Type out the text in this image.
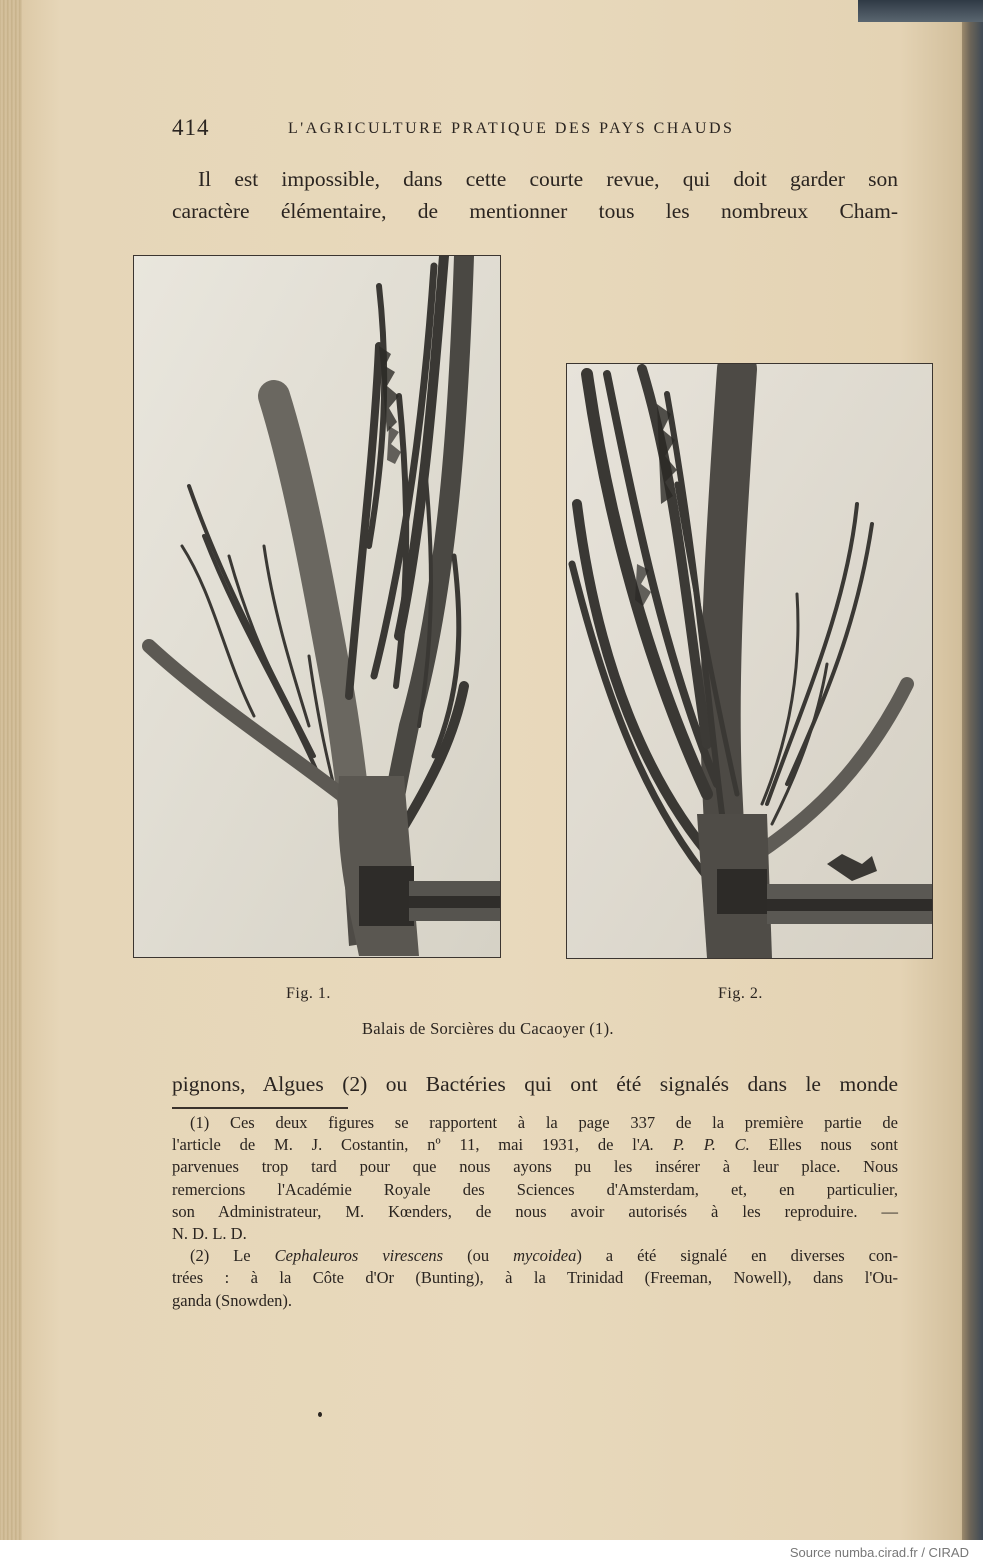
Source numba.cirad.fr / CIRAD
414	L'AGRICULTURE PRATIQUE DES PAYS CHAUDS
Il est impossible, dans cette courte revue, qui doit garder son
caractère élémentaire, de mentionner tous les nombreux Cham-
Fig. 1.	Fig. 2.
Balais de Sorcières du Cacaoyer (1).
pignons, Algues (2) ou Bactéries qui ont été signalés dans le monde
(1) Ces deux figures se rapportent à la page 337 de la première partie de
l'article de M. J. Costantin, nº 11, mai 1931, de l'A. P. P. C. Elles nous sont
parvenues trop tard pour que nous ayons pu les insérer à leur place. Nous
remercions l'Académie Royale des Sciences d'Amsterdam, et, en particulier,
son Administrateur, M. Kœnders, de nous avoir autorisés à les reproduire. —
N. D. L. D.
(2) Le Cephaleuros virescens (ou mycoidea) a été signalé en diverses con-
trées : à la Côte d'Or (Bunting), à la Trinidad (Freeman, Nowell), dans l'Ou-
ganda (Snowden).
